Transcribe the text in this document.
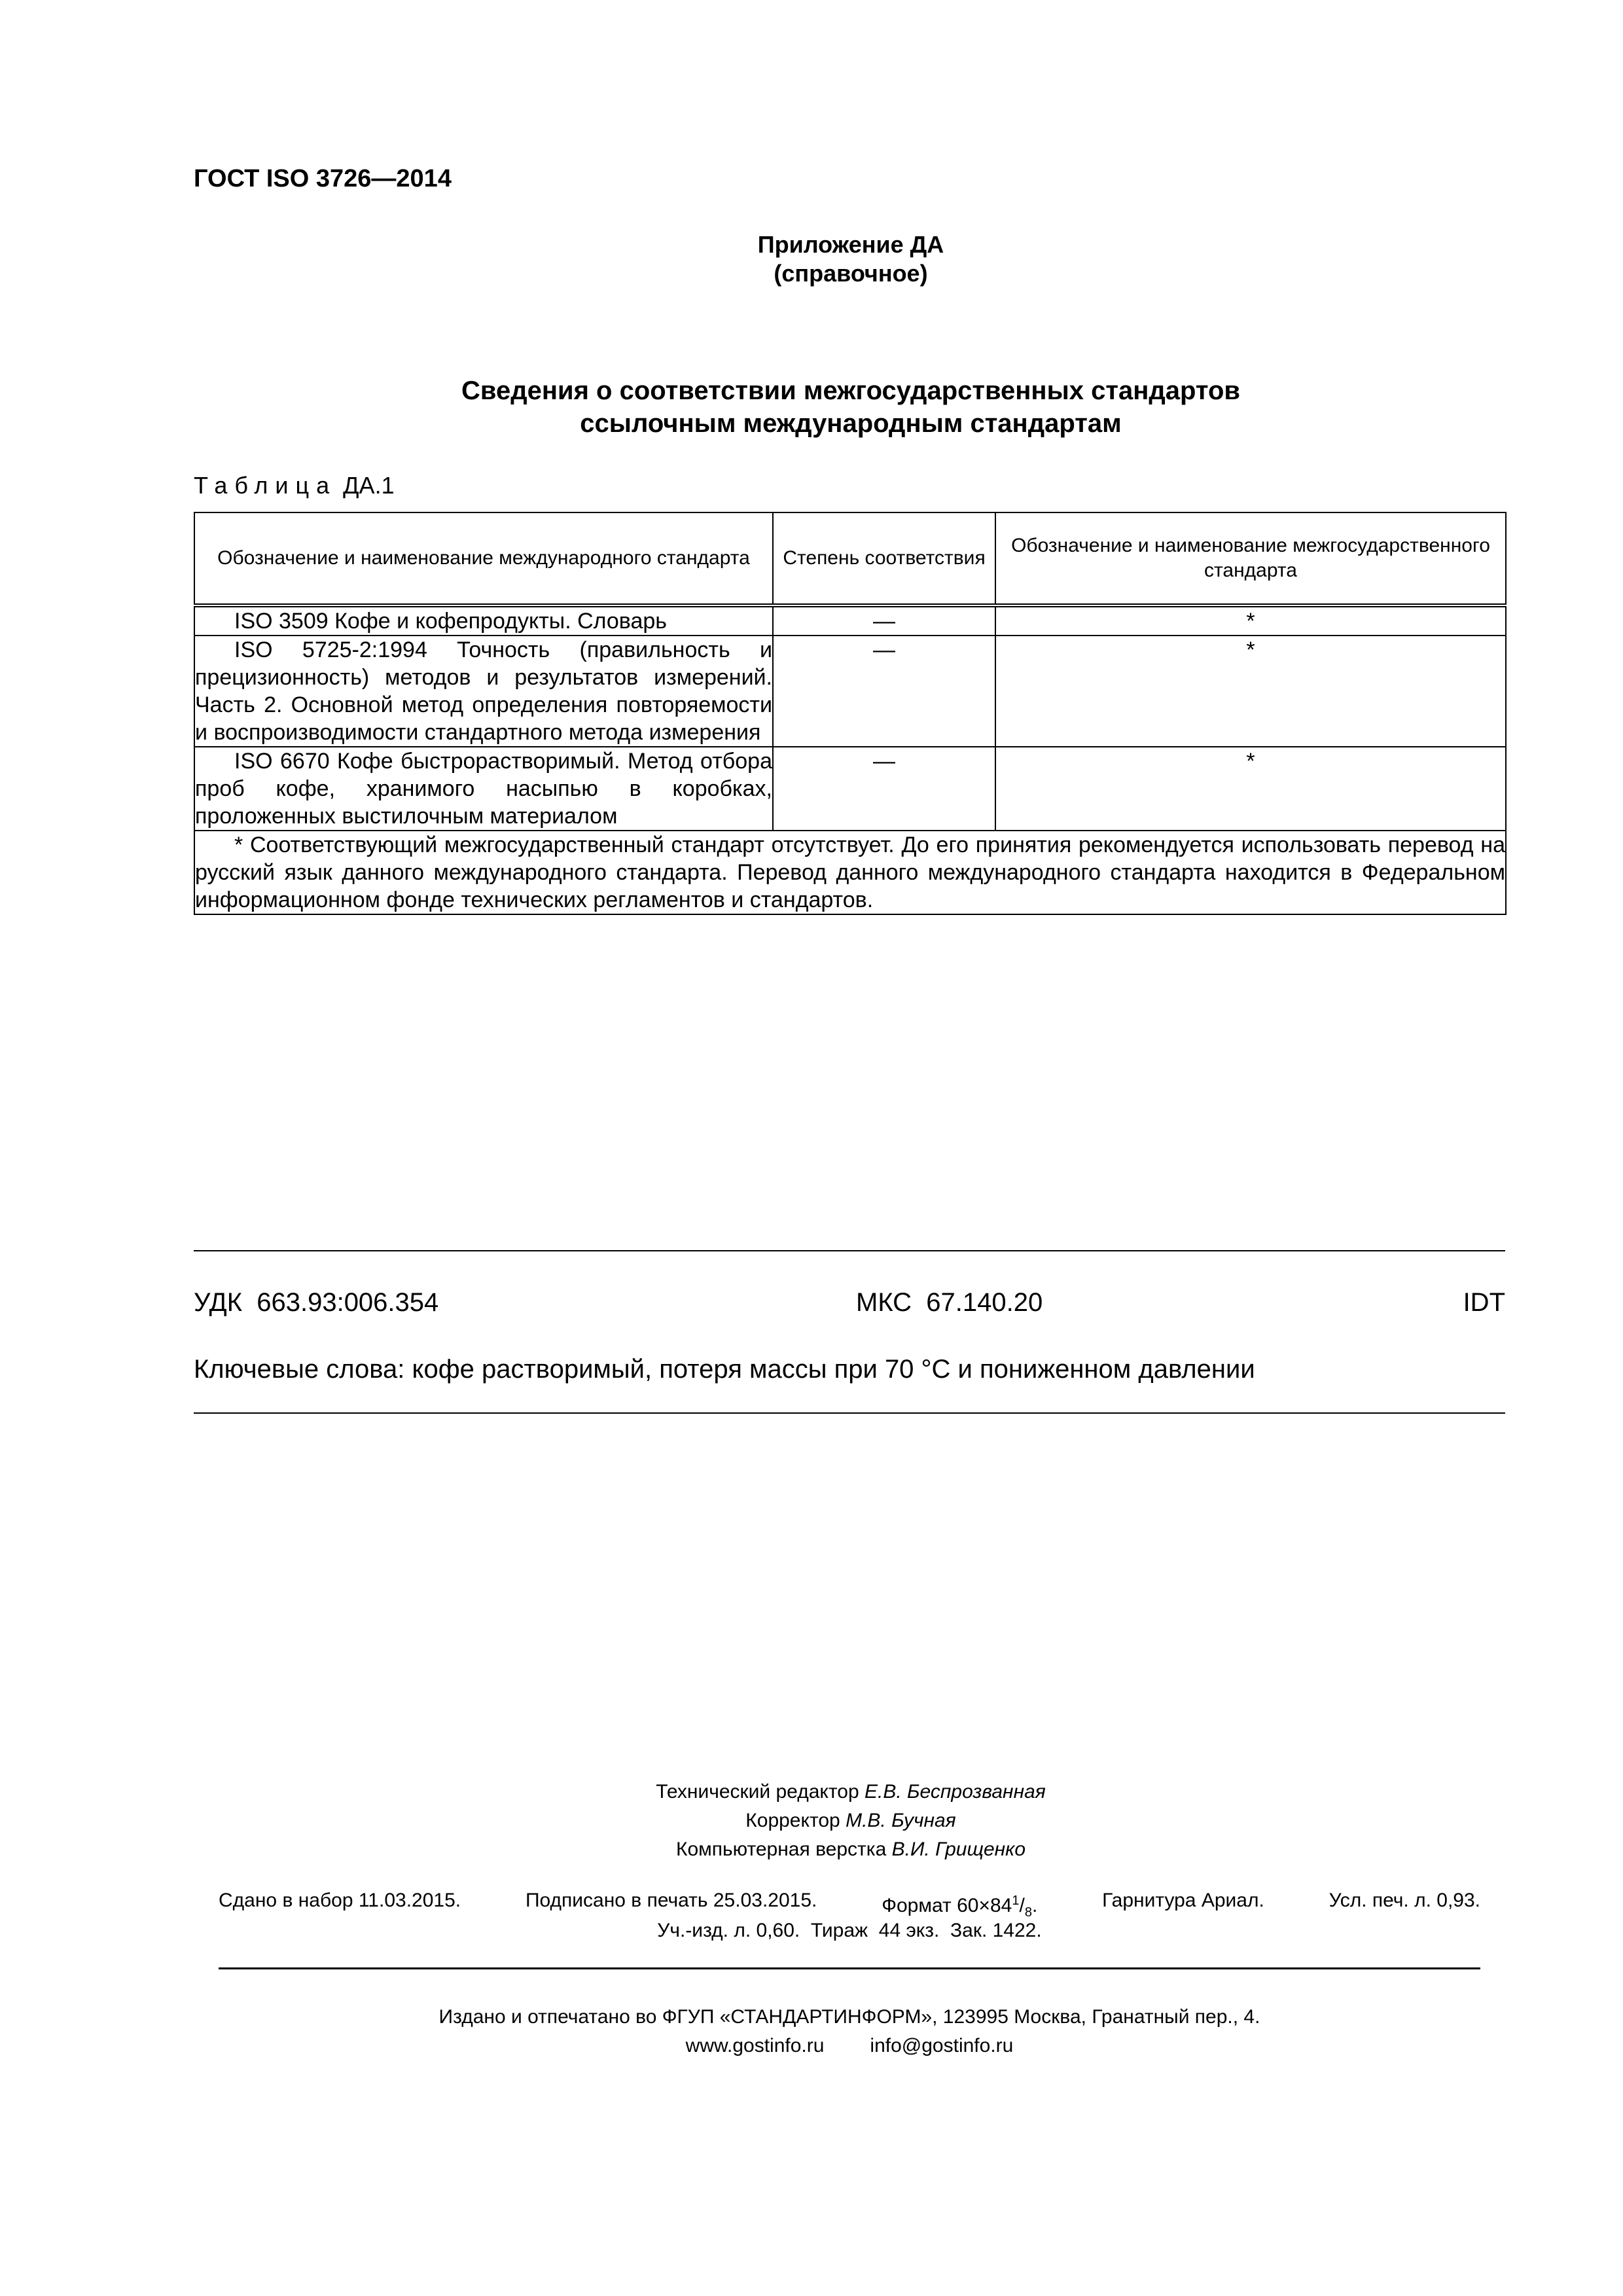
ГОСТ ISO 3726—2014
Приложение ДА
(справочное)
Сведения о соответствии межгосударственных стандартов
ссылочным международным стандартам
Таблица ДА.1
Обозначение и наименование международного стандарта	Степень соответствия	Обозначение и наименование межгосударственного стандарта
ISO 3509 Кофе и кофепродукты. Словарь	—	*
ISO 5725-2:1994 Точность (правильность и прецизионность) методов и результатов измерений. Часть 2. Основной метод определения повторяемости и воспроизводимости стандартного метода измерения	—	*
ISO 6670 Кофе быстрорастворимый. Метод отбора проб кофе, хранимого насыпью в коробках, проложенных выстилочным материалом	—	*
* Соответствующий межгосударственный стандарт отсутствует. До его принятия рекомендуется использовать перевод на русский язык данного международного стандарта. Перевод данного международного стандарта находится в Федеральном информационном фонде технических регламентов и стандартов.		
УДК  663.93:006.354	МКС  67.140.20	IDT
Ключевые слова: кофе растворимый, потеря массы при 70 °С и пониженном давлении
Технический редактор Е.В. Беспрозванная
Корректор М.В. Бучная
Компьютерная верстка В.И. Грищенко
Сдано в набор 11.03.2015.	Подписано в печать 25.03.2015.	Формат $60\times 84^1/_8$.	Гарнитура Ариал.	Усл. печ. л. 0,93.
Уч.-изд. л. 0,60.  Тираж  44 экз.  Зак. 1422.
Издано и отпечатано во ФГУП «СТАНДАРТИНФОРМ», 123995 Москва, Гранатный пер., 4.
www.gostinfo.ru info@gostinfo.ru
